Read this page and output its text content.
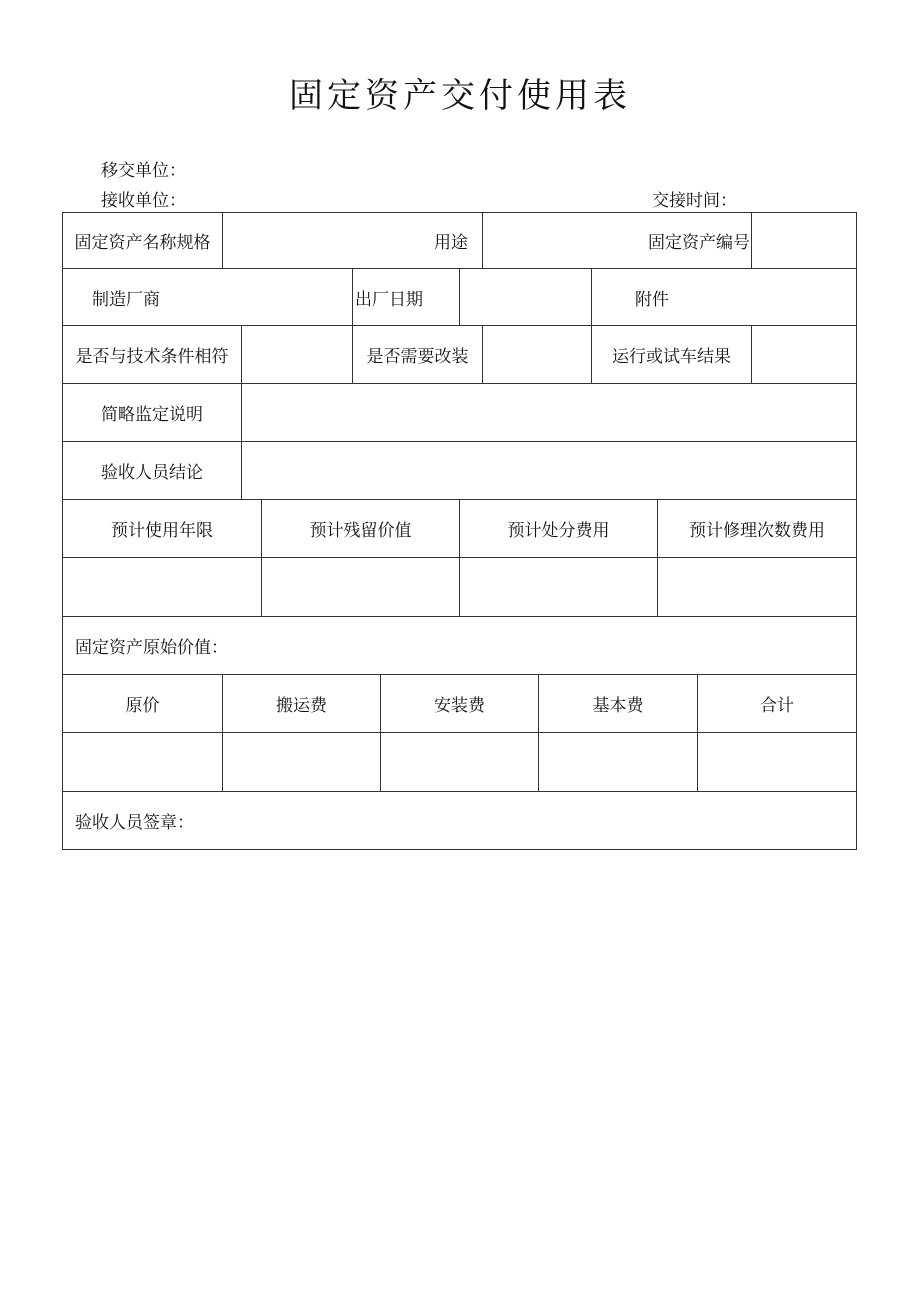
固定资产交付使用表
移交单位：
接收单位：	交接时间：
固定资产名称规格	用途	固定资产编号
制造厂商	出厂日期	附件
是否与技术条件相符	是否需要改装	运行或试车结果
简略监定说明
验收人员结论
预计使用年限	预计残留价值	预计处分费用	预计修理次数费用
固定资产原始价值：
原价	搬运费	安装费	基本费	合计
验收人员签章：
